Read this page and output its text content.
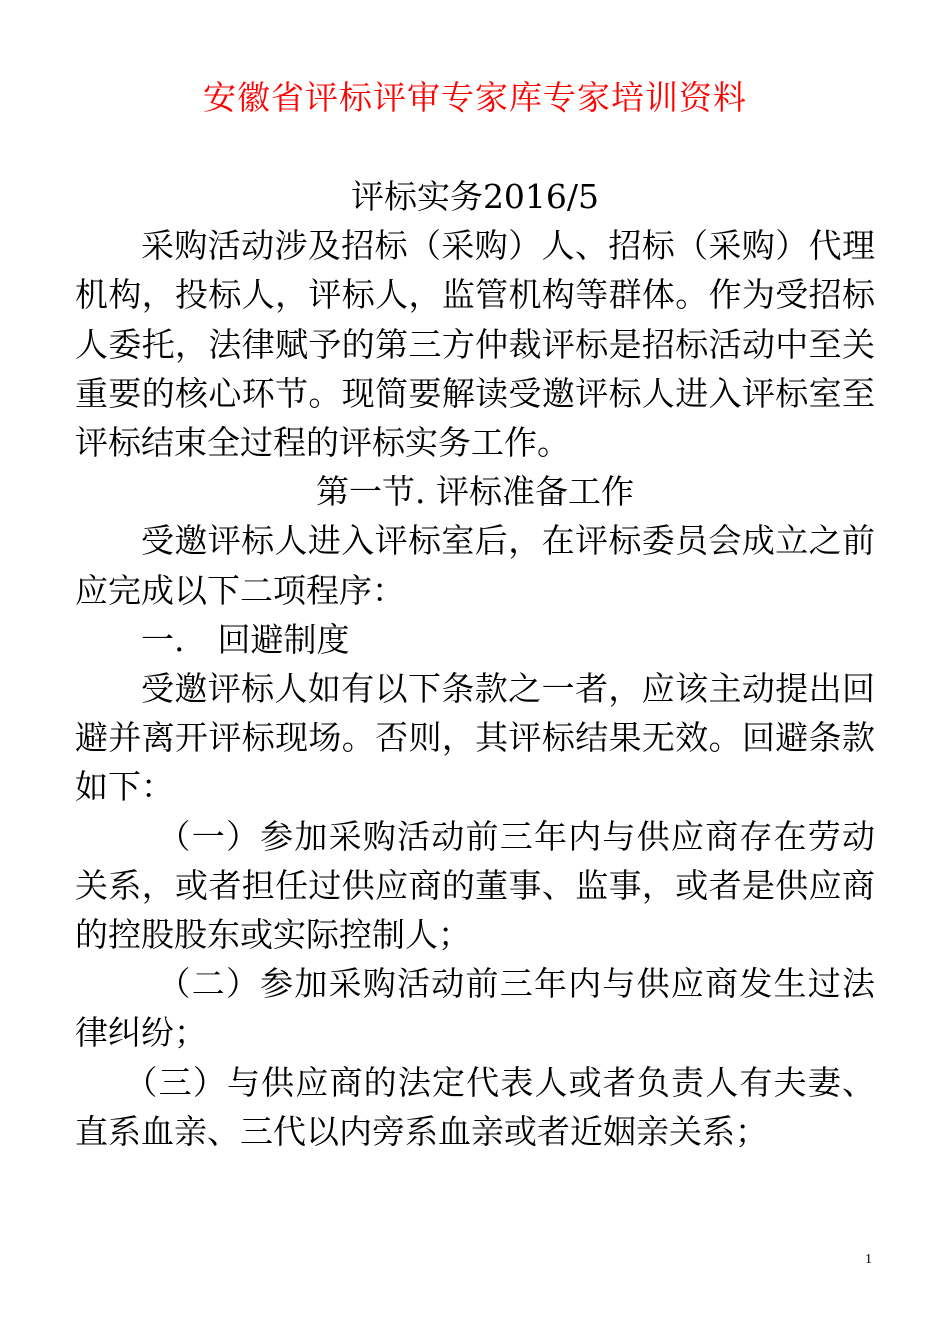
安徽省评标评审专家库专家培训资料

评标实务2016/5

采购活动涉及招标（采购）人、招标（采购）代理机构，投标人，评标人，监管机构等群体。作为受招标人委托，法律赋予的第三方仲裁评标是招标活动中至关重要的核心环节。现简要解读受邀评标人进入评标室至评标结束全过程的评标实务工作。

第一节. 评标准备工作

受邀评标人进入评标室后，在评标委员会成立之前应完成以下二项程序：

一.　回避制度

受邀评标人如有以下条款之一者，应该主动提出回避并离开评标现场。否则，其评标结果无效。回避条款如下：

（一）参加采购活动前三年内与供应商存在劳动关系，或者担任过供应商的董事、监事，或者是供应商的控股股东或实际控制人；

（二）参加采购活动前三年内与供应商发生过法律纠纷；

（三）与供应商的法定代表人或者负责人有夫妻、直系血亲、三代以内旁系血亲或者近姻亲关系；

1
